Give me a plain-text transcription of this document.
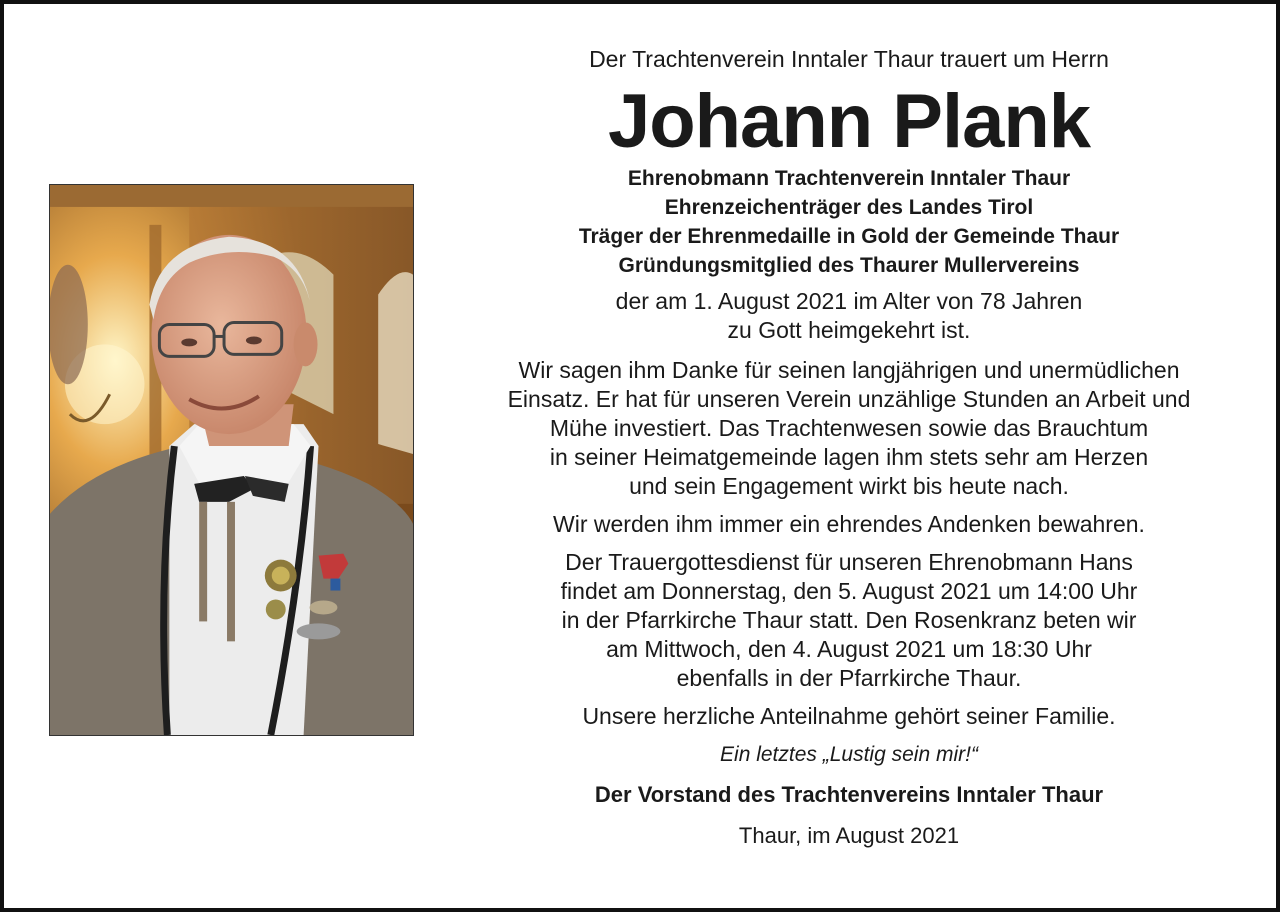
Der Trachtenverein Inntaler Thaur trauert um Herrn
Johann Plank
Ehrenobmann Trachtenverein Inntaler Thaur
Ehrenzeichenträger des Landes Tirol
Träger der Ehrenmedaille in Gold der Gemeinde Thaur
Gründungsmitglied des Thaurer Mullervereins
der am 1. August 2021 im Alter von 78 Jahren
zu Gott heimgekehrt ist.
Wir sagen ihm Danke für seinen langjährigen und unermüdlichen
Einsatz. Er hat für unseren Verein unzählige Stunden an Arbeit und
Mühe investiert. Das Trachtenwesen sowie das Brauchtum
in seiner Heimatgemeinde lagen ihm stets sehr am Herzen
und sein Engagement wirkt bis heute nach.
Wir werden ihm immer ein ehrendes Andenken bewahren.
Der Trauergottesdienst für unseren Ehrenobmann Hans
findet am Donnerstag, den 5. August 2021 um 14:00 Uhr
in der Pfarrkirche Thaur statt. Den Rosenkranz beten wir
am Mittwoch, den 4. August 2021 um 18:30 Uhr
ebenfalls in der Pfarrkirche Thaur.
Unsere herzliche Anteilnahme gehört seiner Familie.
Ein letztes „Lustig sein mir!“
Der Vorstand des Trachtenvereins Inntaler Thaur
Thaur, im August 2021
